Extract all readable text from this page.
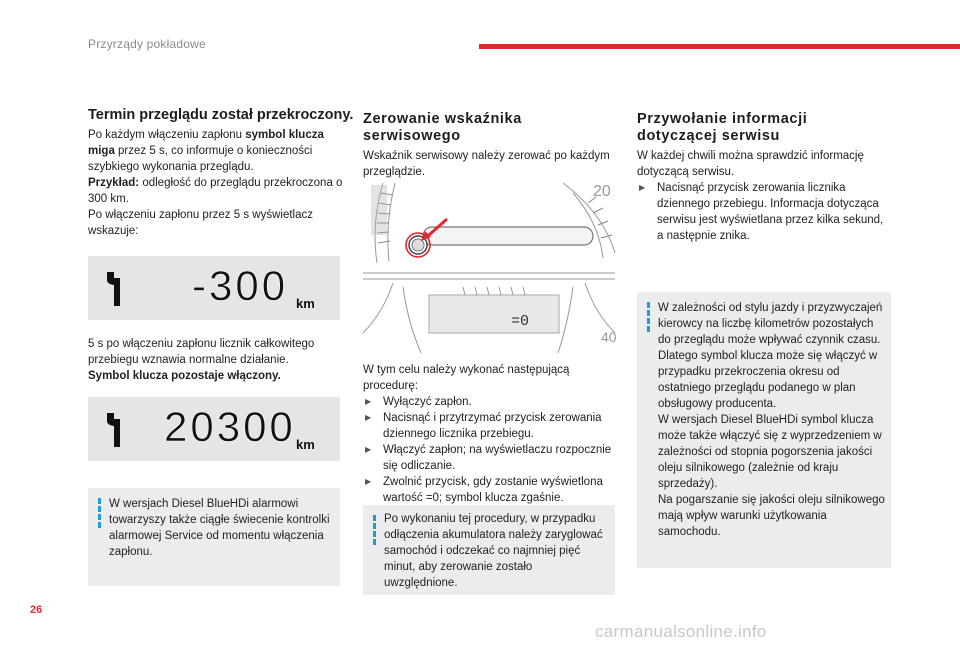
Przyrządy pokładowe
Termin przeglądu został przekroczony.
Po każdym włączeniu zapłonu symbol klucza miga przez 5 s, co informuje o konieczności szybkiego wykonania przeglądu.
Przykład: odległość do przeglądu przekroczona o 300 km.
Po włączeniu zapłonu przez 5 s wyświetlacz wskazuje:
-300 km
5 s po włączeniu zapłonu licznik całkowitego przebiegu wznawia normalne działanie.
Symbol klucza pozostaje włączony.
20300 km
W wersjach Diesel BlueHDi alarmowi towarzyszy także ciągłe świecenie kontrolki alarmowej Service od momentu włączenia zapłonu.
Zerowanie wskaźnika serwisowego
Wskaźnik serwisowy należy zerować po każdym przeglądzie.
=0
20
40
W tym celu należy wykonać następującą procedurę:
▶ Wyłączyć zapłon.
▶ Nacisnąć i przytrzymać przycisk zerowania dziennego licznika przebiegu.
▶ Włączyć zapłon; na wyświetlaczu rozpocznie się odliczanie.
▶ Zwolnić przycisk, gdy zostanie wyświetlona wartość =0; symbol klucza zgaśnie.
Po wykonaniu tej procedury, w przypadku odłączenia akumulatora należy zaryglować samochód i odczekać co najmniej pięć minut, aby zerowanie zostało uwzględnione.
Przywołanie informacji dotyczącej serwisu
W każdej chwili można sprawdzić informację dotyczącą serwisu.
▶ Nacisnąć przycisk zerowania licznika dziennego przebiegu. Informacja dotycząca serwisu jest wyświetlana przez kilka sekund, a następnie znika.
W zależności od stylu jazdy i przyzwyczajeń kierowcy na liczbę kilometrów pozostałych do przeglądu może wpływać czynnik czasu.
Dlatego symbol klucza może się włączyć w przypadku przekroczenia okresu od ostatniego przeglądu podanego w plan obsługowy producenta.
W wersjach Diesel BlueHDi symbol klucza może także włączyć się z wyprzedzeniem w zależności od stopnia pogorszenia jakości oleju silnikowego (zależnie od kraju sprzedaży).
Na pogarszanie się jakości oleju silnikowego mają wpływ warunki użytkowania samochodu.
26
carmanualsonline.info
